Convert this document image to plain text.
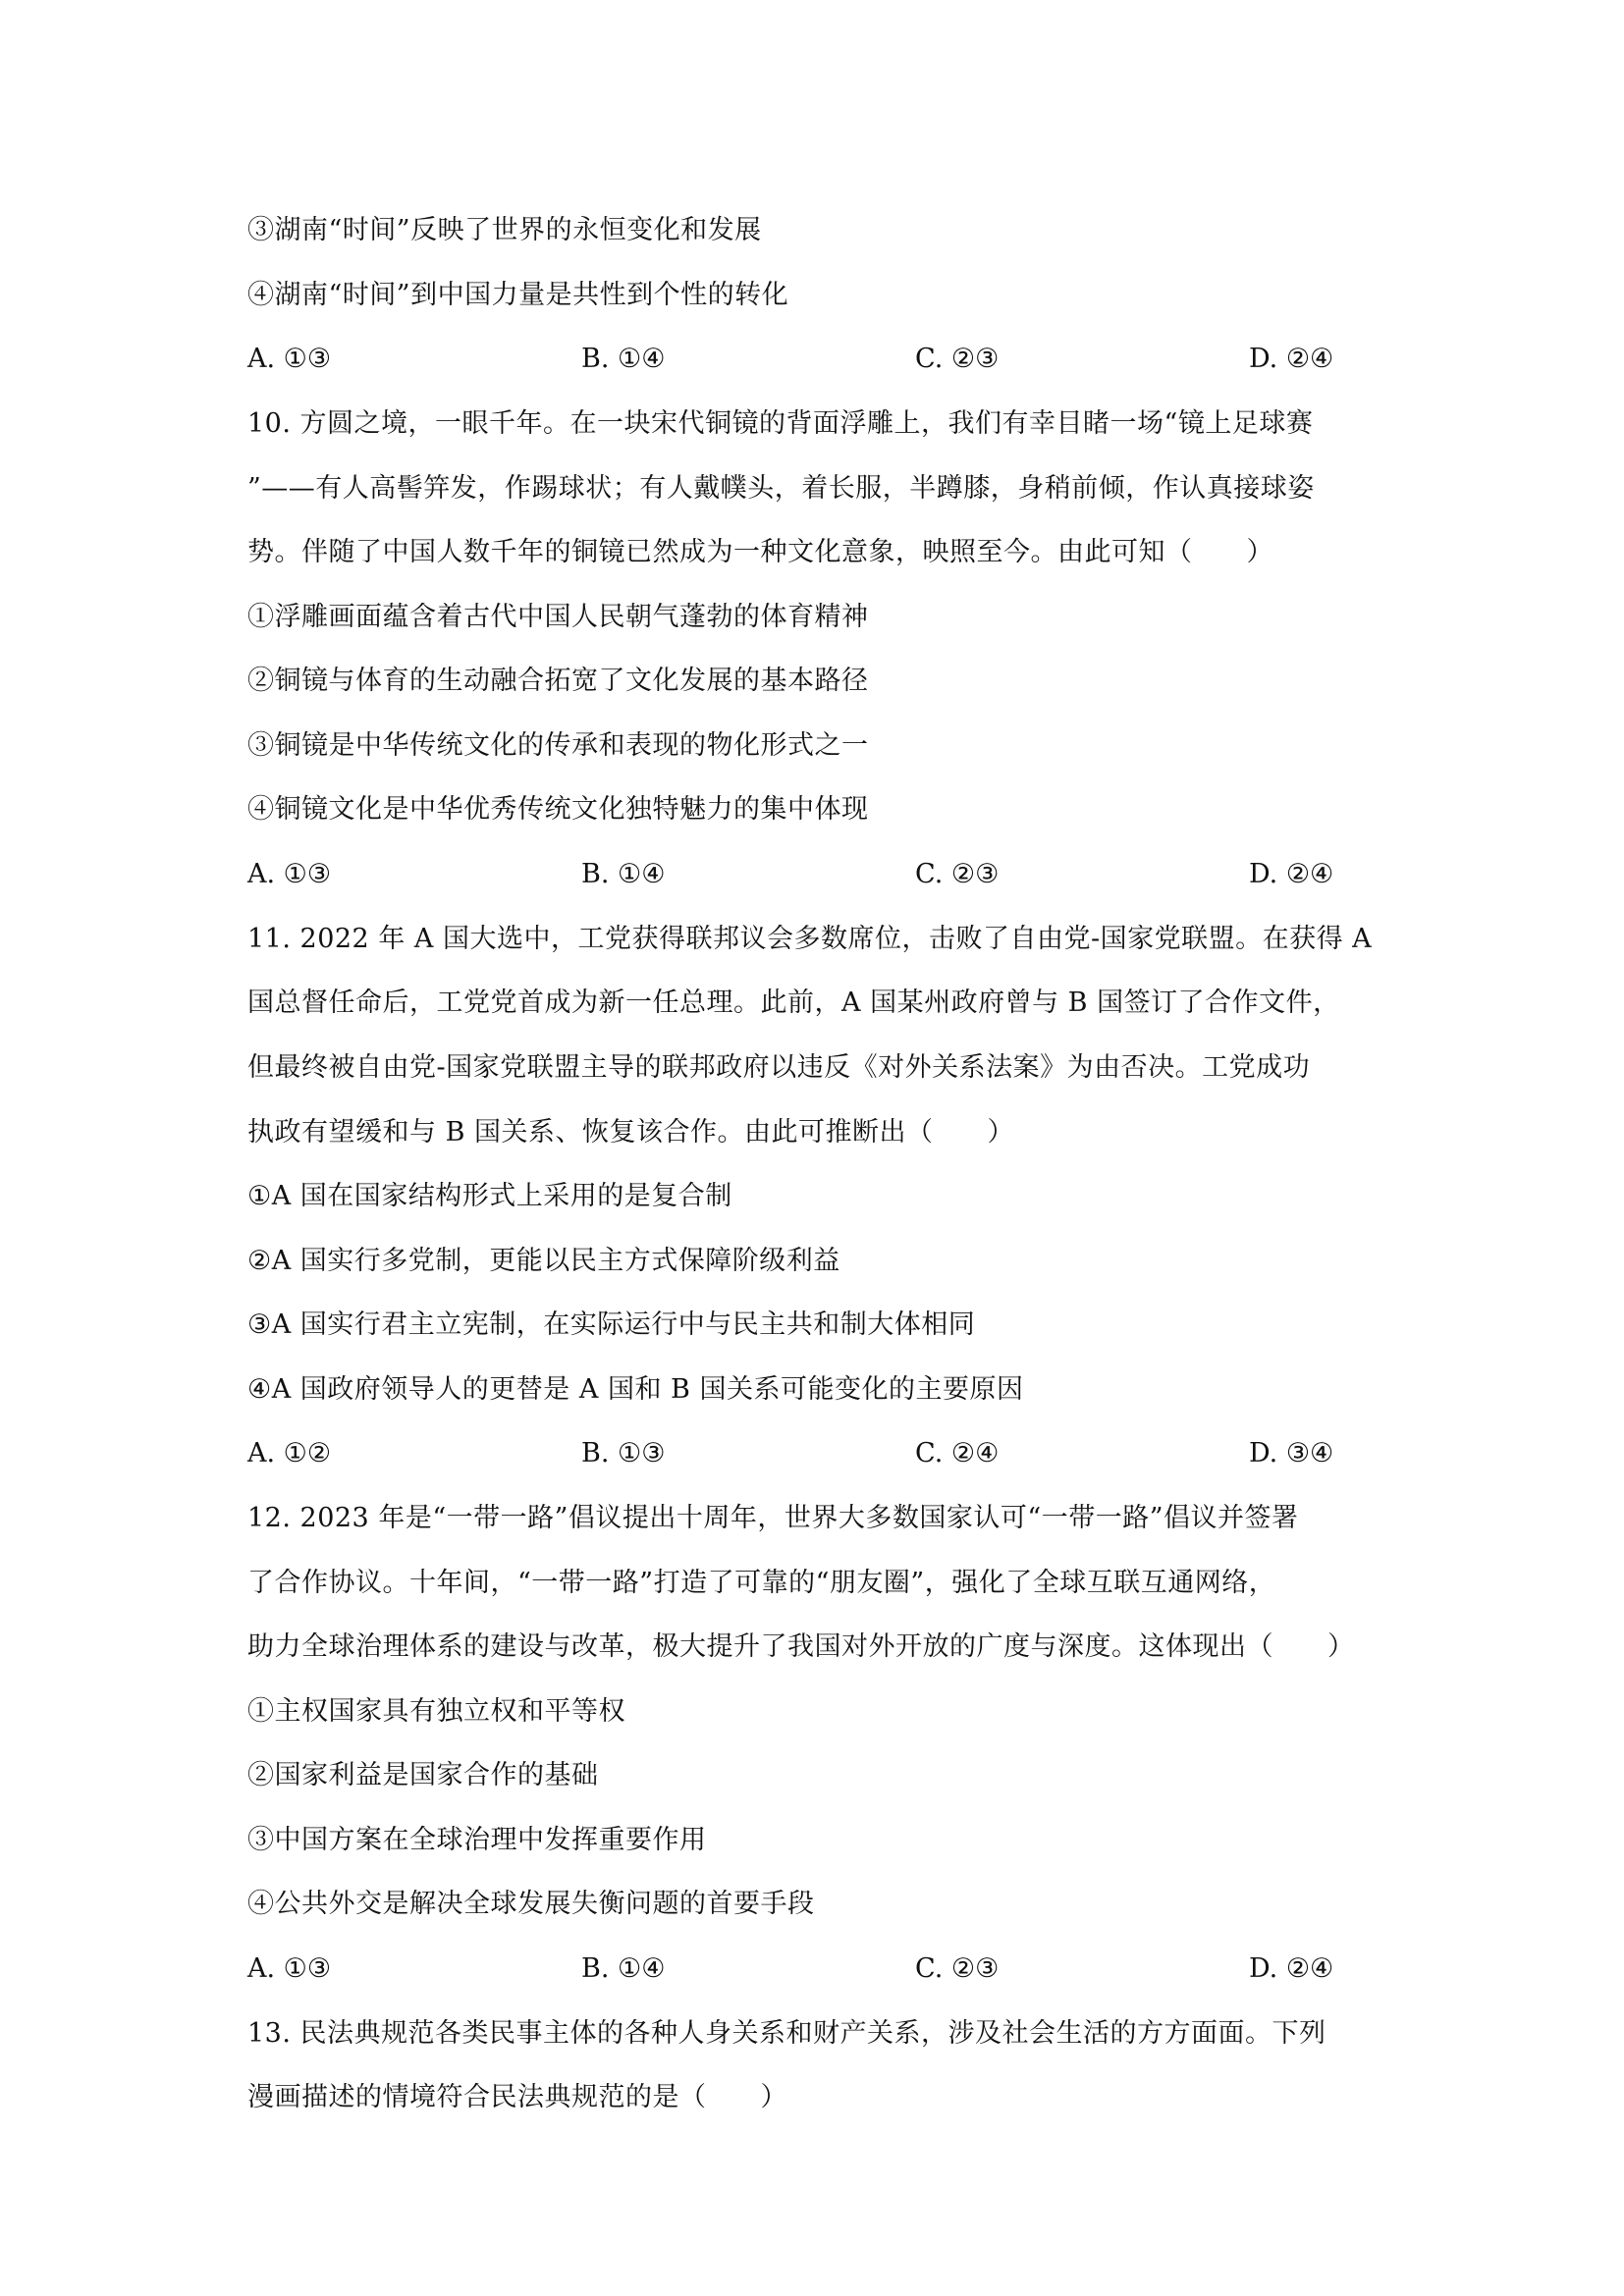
③湖南“时间”反映了世界的永恒变化和发展
④湖南“时间”到中国力量是共性到个性的转化
A. ①③	B. ①④	C. ②③	D. ②④
10. 方圆之境，一眼千年。在一块宋代铜镜的背面浮雕上，我们有幸目睹一场“镜上足球赛
”——有人高髻笄发，作踢球状；有人戴幞头，着长服，半蹲膝，身稍前倾，作认真接球姿
势。伴随了中国人数千年的铜镜已然成为一种文化意象，映照至今。由此可知（　　）
①浮雕画面蕴含着古代中国人民朝气蓬勃的体育精神
②铜镜与体育的生动融合拓宽了文化发展的基本路径
③铜镜是中华传统文化的传承和表现的物化形式之一
④铜镜文化是中华优秀传统文化独特魅力的集中体现
A. ①③	B. ①④	C. ②③	D. ②④
11. 2022 年 A 国大选中，工党获得联邦议会多数席位，击败了自由党-国家党联盟。在获得 A
国总督任命后，工党党首成为新一任总理。此前，A 国某州政府曾与 B 国签订了合作文件，
但最终被自由党-国家党联盟主导的联邦政府以违反《对外关系法案》为由否决。工党成功
执政有望缓和与 B 国关系、恢复该合作。由此可推断出（　　）
①A 国在国家结构形式上采用的是复合制
②A 国实行多党制，更能以民主方式保障阶级利益
③A 国实行君主立宪制，在实际运行中与民主共和制大体相同
④A 国政府领导人的更替是 A 国和 B 国关系可能变化的主要原因
A. ①②	B. ①③	C. ②④	D. ③④
12. 2023 年是“一带一路”倡议提出十周年，世界大多数国家认可“一带一路”倡议并签署
了合作协议。十年间，“一带一路”打造了可靠的“朋友圈”，强化了全球互联互通网络，
助力全球治理体系的建设与改革，极大提升了我国对外开放的广度与深度。这体现出（　　）
①主权国家具有独立权和平等权
②国家利益是国家合作的基础
③中国方案在全球治理中发挥重要作用
④公共外交是解决全球发展失衡问题的首要手段
A. ①③	B. ①④	C. ②③	D. ②④
13. 民法典规范各类民事主体的各种人身关系和财产关系，涉及社会生活的方方面面。下列
漫画描述的情境符合民法典规范的是（　　）
